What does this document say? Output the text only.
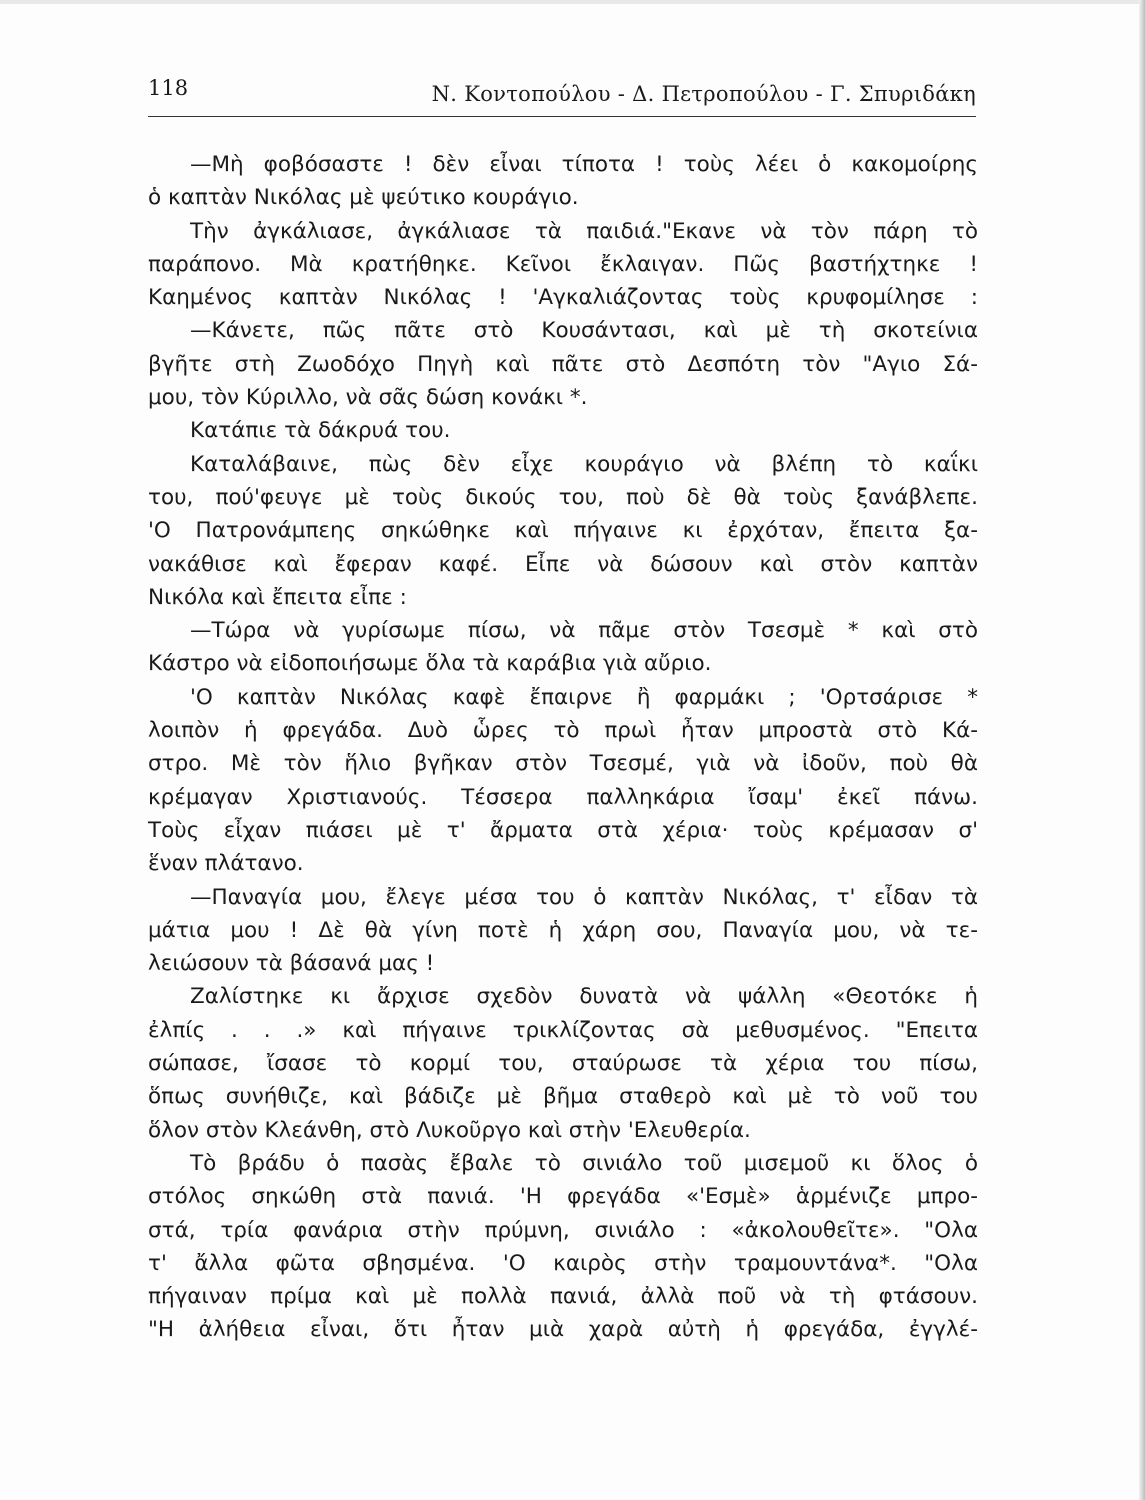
118	Ν. Κοντοπούλου - Δ. Πετροπούλου - Γ. Σπυριδάκη
—Μὴ φοβόσαστε ! δὲν εἶναι τίποτα ! τοὺς λέει ὁ κακομοίρης
ὁ καπτὰν Νικόλας μὲ ψεύτικο κουράγιο.
Τὴν ἀγκάλιασε, ἀγκάλιασε τὰ παιδιά."Εκανε νὰ τὸν πάρη τὸ
παράπονο. Μὰ κρατήθηκε. Κεῖνοι ἔκλαιγαν. Πῶς βαστήχτηκε !
Καημένος καπτὰν Νικόλας ! 'Αγκαλιάζοντας τοὺς κρυφομίλησε :
—Κάνετε, πῶς πᾶτε στὸ Κουσάντασι, καὶ μὲ τὴ σκοτείνια
βγῆτε στὴ Ζωοδόχο Πηγὴ καὶ πᾶτε στὸ Δεσπότη τὸν "Αγιο Σά-
μου, τὸν Κύριλλο, νὰ σᾶς δώση κονάκι *.
Κατάπιε τὰ δάκρυά του.
Καταλάβαινε, πὼς δὲν εἶχε κουράγιο νὰ βλέπη τὸ καΐκι
του, πού'φευγε μὲ τοὺς δικούς του, ποὺ δὲ θὰ τοὺς ξανάβλεπε.
'Ο Πατρονάμπεης σηκώθηκε καὶ πήγαινε κι ἐρχόταν, ἔπειτα ξα-
νακάθισε καὶ ἔφεραν καφέ. Εἶπε νὰ δώσουν καὶ στὸν καπτὰν
Νικόλα καὶ ἔπειτα εἶπε :
—Τώρα νὰ γυρίσωμε πίσω, νὰ πᾶμε στὸν Τσεσμὲ * καὶ στὸ
Κάστρο νὰ εἰδοποιήσωμε ὅλα τὰ καράβια γιὰ αὔριο.
'Ο καπτὰν Νικόλας καφὲ ἔπαιρνε ἢ φαρμάκι ; 'Ορτσάρισε *
λοιπὸν ἡ φρεγάδα. Δυὸ ὧρες τὸ πρωὶ ἦταν μπροστὰ στὸ Κά-
στρο. Μὲ τὸν ἥλιο βγῆκαν στὸν Τσεσμέ, γιὰ νὰ ἰδοῦν, ποὺ θὰ
κρέμαγαν Χριστιανούς. Τέσσερα παλληκάρια ἴσαμ' ἐκεῖ πάνω.
Τοὺς εἶχαν πιάσει μὲ τ' ἄρματα στὰ χέρια· τοὺς κρέμασαν σ'
ἕναν πλάτανο.
—Παναγία μου, ἔλεγε μέσα του ὁ καπτὰν Νικόλας, τ' εἶδαν τὰ
μάτια μου ! Δὲ θὰ γίνη ποτὲ ἡ χάρη σου, Παναγία μου, νὰ τε-
λειώσουν τὰ βάσανά μας !
Ζαλίστηκε κι ἄρχισε σχεδὸν δυνατὰ νὰ ψάλλη «Θεοτόκε ἡ
ἐλπίς . . .» καὶ πήγαινε τρικλίζοντας σὰ μεθυσμένος. "Επειτα
σώπασε, ἴσασε τὸ κορμί του, σταύρωσε τὰ χέρια του πίσω,
ὅπως συνήθιζε, καὶ βάδιζε μὲ βῆμα σταθερὸ καὶ μὲ τὸ νοῦ του
ὅλον στὸν Κλεάνθη, στὸ Λυκοῦργο καὶ στὴν 'Ελευθερία.
Τὸ βράδυ ὁ πασὰς ἔβαλε τὸ σινιάλο τοῦ μισεμοῦ κι ὅλος ὁ
στόλος σηκώθη στὰ πανιά. 'Η φρεγάδα «'Εσμὲ» ἁρμένιζε μπρο-
στά, τρία φανάρια στὴν πρύμνη, σινιάλο : «ἀκολουθεῖτε». "Ολα
τ' ἄλλα φῶτα σβησμένα. 'Ο καιρὸς στὴν τραμουντάνα*. "Ολα
πήγαιναν πρίμα καὶ μὲ πολλὰ πανιά, ἀλλὰ ποῦ νὰ τὴ φτάσουν.
"Η ἀλήθεια εἶναι, ὅτι ἦταν μιὰ χαρὰ αὐτὴ ἡ φρεγάδα, ἐγγλέ-
